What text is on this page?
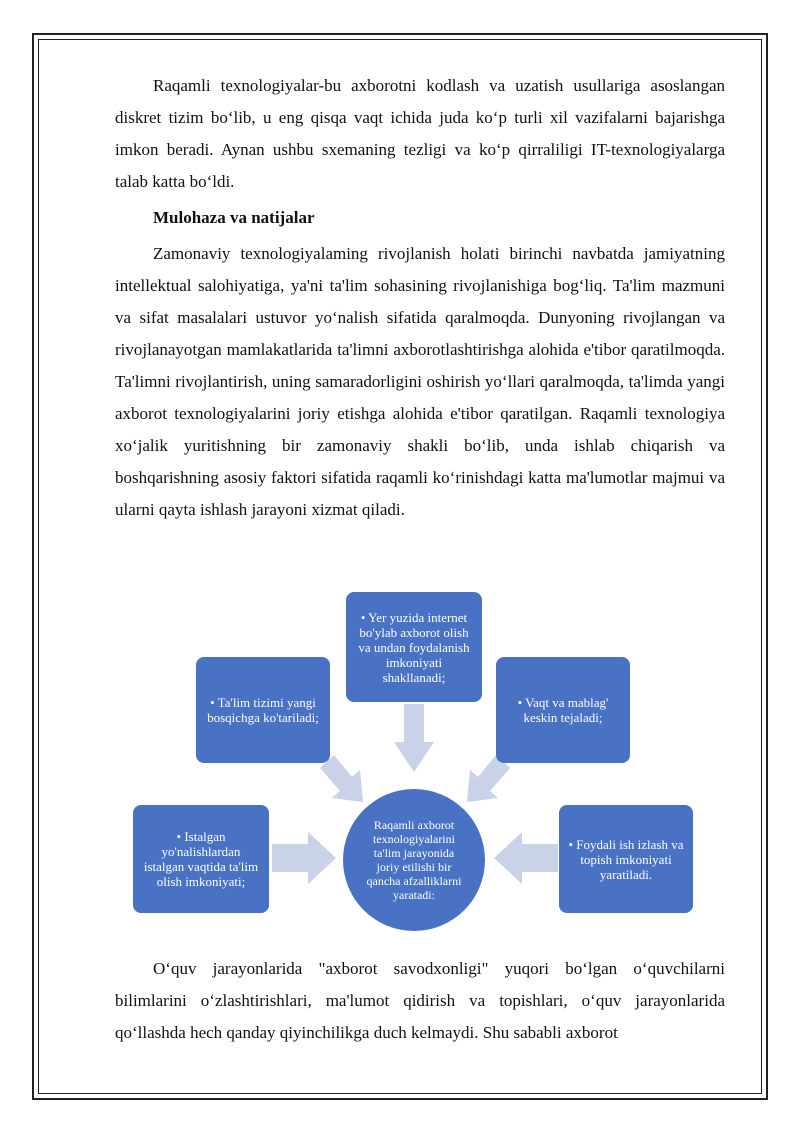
Raqamli texnologiyalar-bu axborotni kodlash va uzatish usullariga asoslangan diskret tizim bo‘lib, u eng qisqa vaqt ichida juda ko‘p turli xil vazifalarni bajarishga imkon beradi. Aynan ushbu sxemaning tezligi va ko‘p qirraliligi IT-texnologiyalarga talab katta bo‘ldi.

Mulohaza va natijalar

Zamonaviy texnologiyalaming rivojlanish holati birinchi navbatda jamiyatning intellektual salohiyatiga, ya'ni ta'lim sohasining rivojlanishiga bog‘liq. Ta'lim mazmuni va sifat masalalari ustuvor yo‘nalish sifatida qaralmoqda. Dunyoning rivojlangan va rivojlanayotgan mamlakatlarida ta'limni axborotlashtirishga alohida e'tibor qaratilmoqda. Ta'limni rivojlantirish, uning samaradorligini oshirish yo‘llari qaralmoqda, ta'limda yangi axborot texnologiyalarini joriy etishga alohida e'tibor qaratilgan. Raqamli texnologiya xo‘jalik yuritishning bir zamonaviy shakli bo‘lib, unda ishlab chiqarish va boshqarishning asosiy faktori sifatida raqamli ko‘rinishdagi katta ma'lumotlar majmui va ularni qayta ishlash jarayoni xizmat qiladi.

• Yer yuzida internet bo'ylab axborot olish va undan foydalanish imkoniyati shakllanadi;
• Ta'lim tizimi yangi bosqichga ko'tariladi;
• Vaqt va mablag' keskin tejaladi;
• Istalgan yo'nalishlardan istalgan vaqtida ta'lim olish imkoniyati;
• Foydali ish izlash va topish imkoniyati yaratiladi.
Raqamli axborot texnologiyalarini ta'lim jarayonida joriy etilishi bir qancha afzalliklarni yaratadi:

O‘quv jarayonlarida "axborot savodxonligi" yuqori bo‘lgan o‘quvchilarni bilimlarini o‘zlashtirishlari, ma'lumot qidirish va topishlari, o‘quv jarayonlarida qo‘llashda hech qanday qiyinchilikga duch kelmaydi. Shu sababli axborot
